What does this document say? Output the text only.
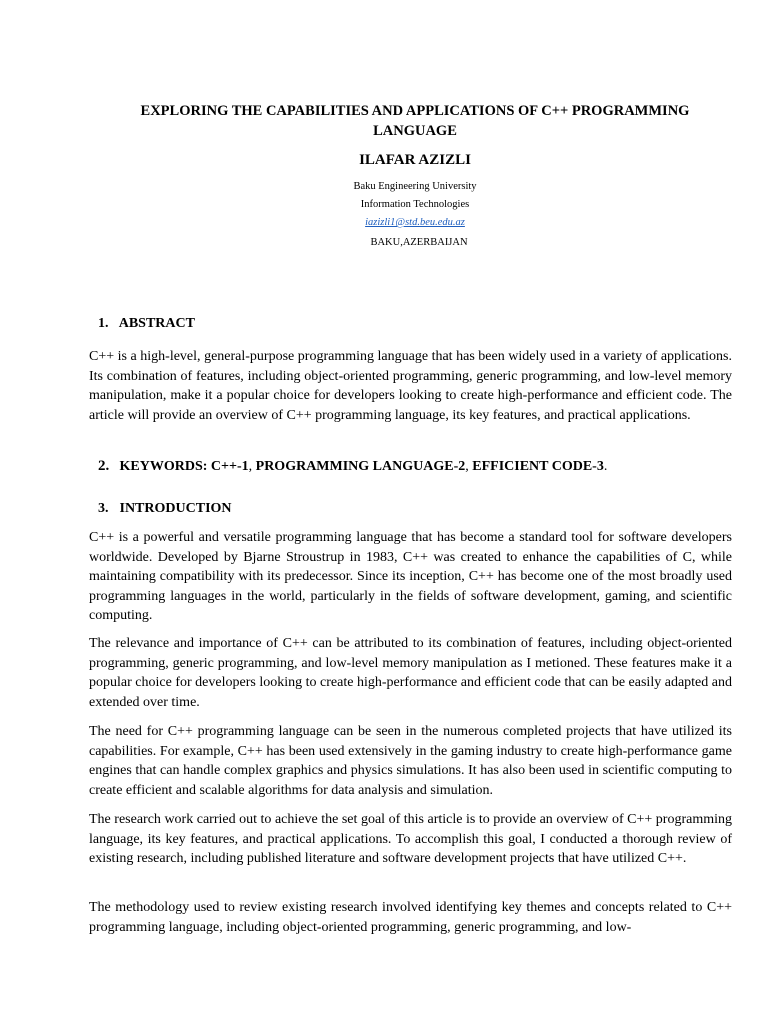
EXPLORING THE CAPABILITIES AND APPLICATIONS OF C++ PROGRAMMING
LANGUAGE
ILAFAR AZIZLI
Baku Engineering University
Information Technologies
iazizli1@std.beu.edu.az
BAKU,AZERBAIJAN
1. ABSTRACT

C++ is a high-level, general-purpose programming language that has been widely used in a variety of applications. Its combination of features, including object-oriented programming, generic programming, and low-level memory manipulation, make it a popular choice for developers looking to create high-performance and efficient code. The article will provide an overview of C++ programming language, its key features, and practical applications.

2. KEYWORDS: C++-1, PROGRAMMING LANGUAGE-2, EFFICIENT CODE-3.
3. INTRODUCTION

C++ is a powerful and versatile programming language that has become a standard tool for software developers worldwide. Developed by Bjarne Stroustrup in 1983, C++ was created to enhance the capabilities of C, while maintaining compatibility with its predecessor. Since its inception, C++ has become one of the most broadly used programming languages in the world, particularly in the fields of software development, gaming, and scientific computing.

The relevance and importance of C++ can be attributed to its combination of features, including object-oriented programming, generic programming, and low-level memory manipulation as I metioned. These features make it a popular choice for developers looking to create high-performance and efficient code that can be easily adapted and extended over time.

The need for C++ programming language can be seen in the numerous completed projects that have utilized its capabilities. For example, C++ has been used extensively in the gaming industry to create high-performance game engines that can handle complex graphics and physics simulations. It has also been used in scientific computing to create efficient and scalable algorithms for data analysis and simulation.

The research work carried out to achieve the set goal of this article is to provide an overview of C++ programming language, its key features, and practical applications. To accomplish this goal, I conducted a thorough review of existing research, including published literature and software development projects that have utilized C++.

The methodology used to review existing research involved identifying key themes and concepts related to C++ programming language, including object-oriented programming, generic programming, and low-
